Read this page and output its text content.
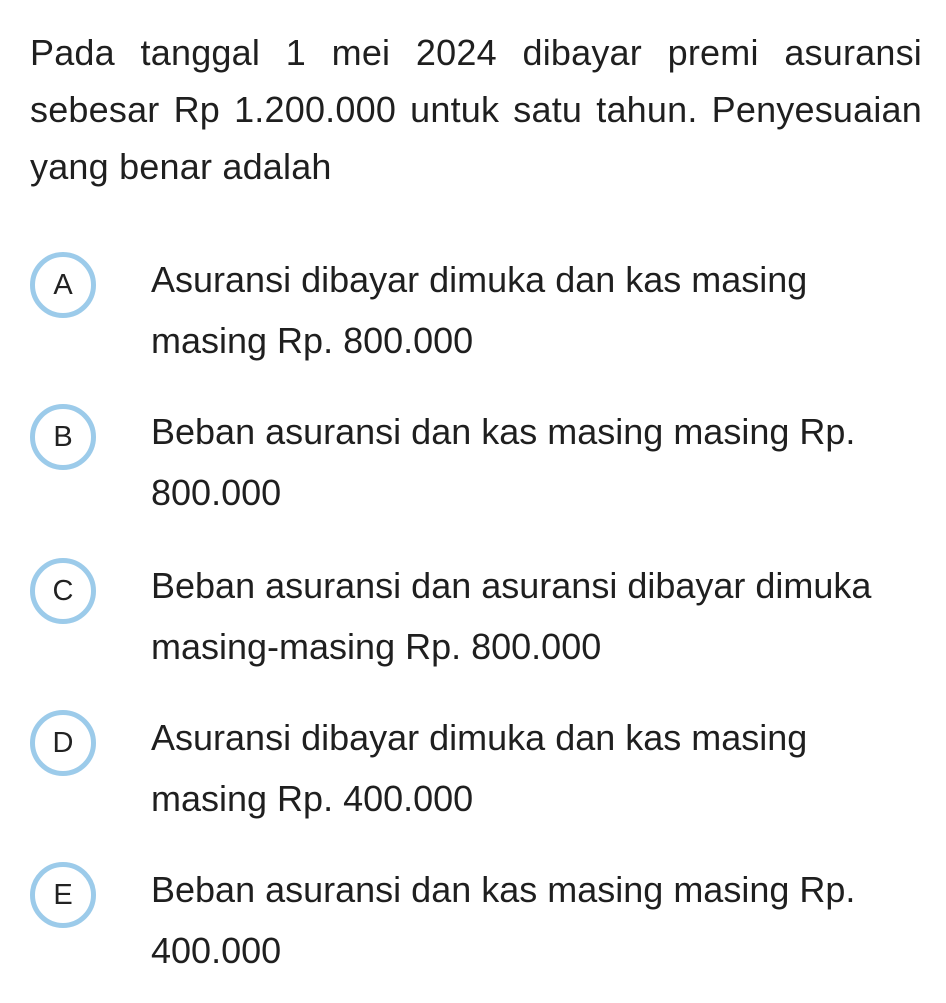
Pada tanggal 1 mei 2024 dibayar premi asuransi sebesar Rp 1.200.000 untuk satu tahun. Penyesuaian yang benar adalah

A Asuransi dibayar dimuka dan kas masing masing Rp. 800.000
B Beban asuransi dan kas masing masing Rp. 800.000
C Beban asuransi dan asuransi dibayar dimuka masing-masing Rp. 800.000
D Asuransi dibayar dimuka dan kas masing masing Rp. 400.000
E Beban asuransi dan kas masing masing Rp. 400.000
